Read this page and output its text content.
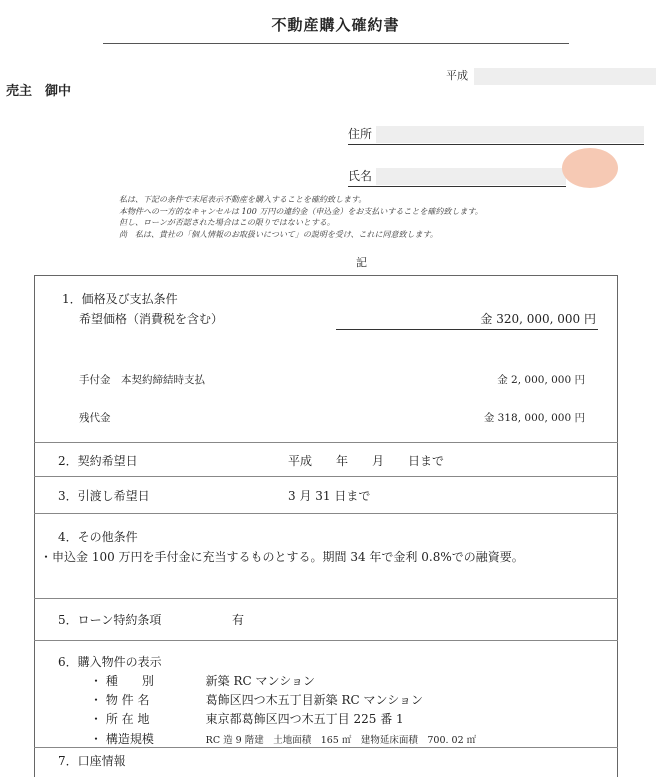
不動産購入確約書
平成
売主　御中
住所
氏名
私は、下記の条件で末尾表示不動産を購入することを確約致します。
本物件への一方的なキャンセルは 100 万円の違約金（申込金）をお支払いすることを確約致します。
但し、ローンが否認された場合はこの限りではないとする。
尚　私は、貴社の「個人情報のお取扱いについて」の説明を受け、これに同意致します。
記
1．価格及び支払条件
希望価格（消費税を含む）	金 320, 000, 000 円
手付金　本契約締結時支払	金 2, 000, 000 円
残代金	金 318, 000, 000 円
2．契約希望日	平成　　年　　月　　日まで
3．引渡し希望日	3 月 31 日まで
4．その他条件
・申込金 100 万円を手付金に充当するものとする。期間 34 年で金利 0.8%での融資要。
5．ローン特約条項	有
6．購入物件の表示
・ 種　　別	新築 RC マンション
・ 物 件 名	葛飾区四つ木五丁目新築 RC マンション
・ 所 在 地	東京都葛飾区四つ木五丁目 225 番 1
・ 構造規模	RC 造 9 階建　土地面積　165 ㎡　建物延床面積　700. 02 ㎡
7．口座情報
